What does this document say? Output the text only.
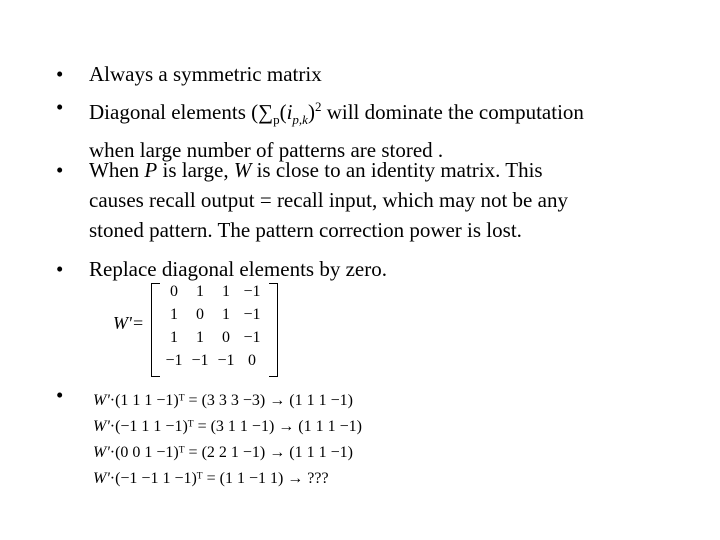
•	Always a symmetric matrix
•	Diagonal elements ($\sum_p(i_{p,k})^2$ will dominate the computation
when large number of patterns are stored .
•	When P is large, W is close to an identity matrix. This
causes recall output = recall input, which may not be any
stoned pattern. The pattern correction power is lost.
•	Replace diagonal elements by zero.
W'=
0	1	1 −1
1	0	1 −1
1	1	0 −1
−1 −1 −1 0
•	W'·(1 1 1 −1)ᵀ = (3 3 3 −3) → (1 1 1 −1)
W'·(−1 1 1 −1)ᵀ = (3 1 1 −1) → (1 1 1 −1)
W'·(0 0 1 −1)ᵀ = (2 2 1 −1) → (1 1 1 −1)
W'·(−1 −1 1 −1)ᵀ = (1 1 −1 1) → ???
